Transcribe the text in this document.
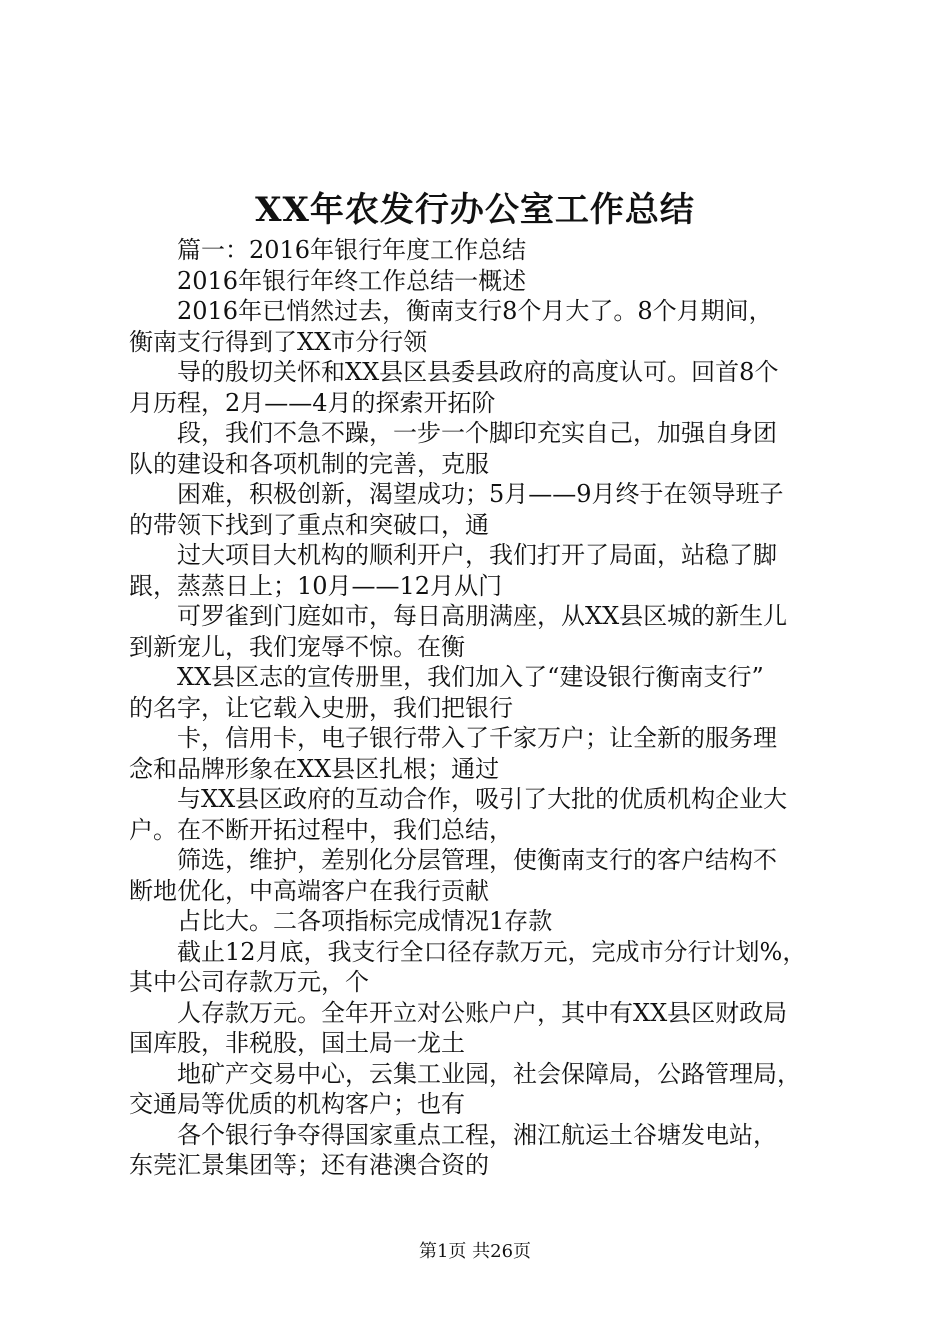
XX年农发行办公室工作总结

篇一：2016年银行年度工作总结

2016年银行年终工作总结一概述

2016年已悄然过去，衡南支行8个月大了。8个月期间，

衡南支行得到了XX市分行领

导的殷切关怀和XX县区县委县政府的高度认可。回首8个

月历程，2月——4月的探索开拓阶

段，我们不急不躁，一步一个脚印充实自己，加强自身团

队的建设和各项机制的完善，克服

困难，积极创新，渴望成功；5月——9月终于在领导班子

的带领下找到了重点和突破口，通

过大项目大机构的顺利开户，我们打开了局面，站稳了脚

跟，蒸蒸日上；10月——12月从门

可罗雀到门庭如市，每日高朋满座，从XX县区城的新生儿

到新宠儿，我们宠辱不惊。在衡

XX县区志的宣传册里，我们加入了“建设银行衡南支行”

的名字，让它载入史册，我们把银行

卡，信用卡，电子银行带入了千家万户；让全新的服务理

念和品牌形象在XX县区扎根；通过

与XX县区政府的互动合作，吸引了大批的优质机构企业大

户。在不断开拓过程中，我们总结，

筛选，维护，差别化分层管理，使衡南支行的客户结构不

断地优化，中高端客户在我行贡献

占比大。二各项指标完成情况1存款

截止12月底，我支行全口径存款万元，完成市分行计划%，

其中公司存款万元，个

人存款万元。全年开立对公账户户，其中有XX县区财政局

国库股，非税股，国土局一龙土

地矿产交易中心，云集工业园，社会保障局，公路管理局，

交通局等优质的机构客户；也有

各个银行争夺得国家重点工程，湘江航运土谷塘发电站，

东莞汇景集团等；还有港澳合资的

第1页 共26页
